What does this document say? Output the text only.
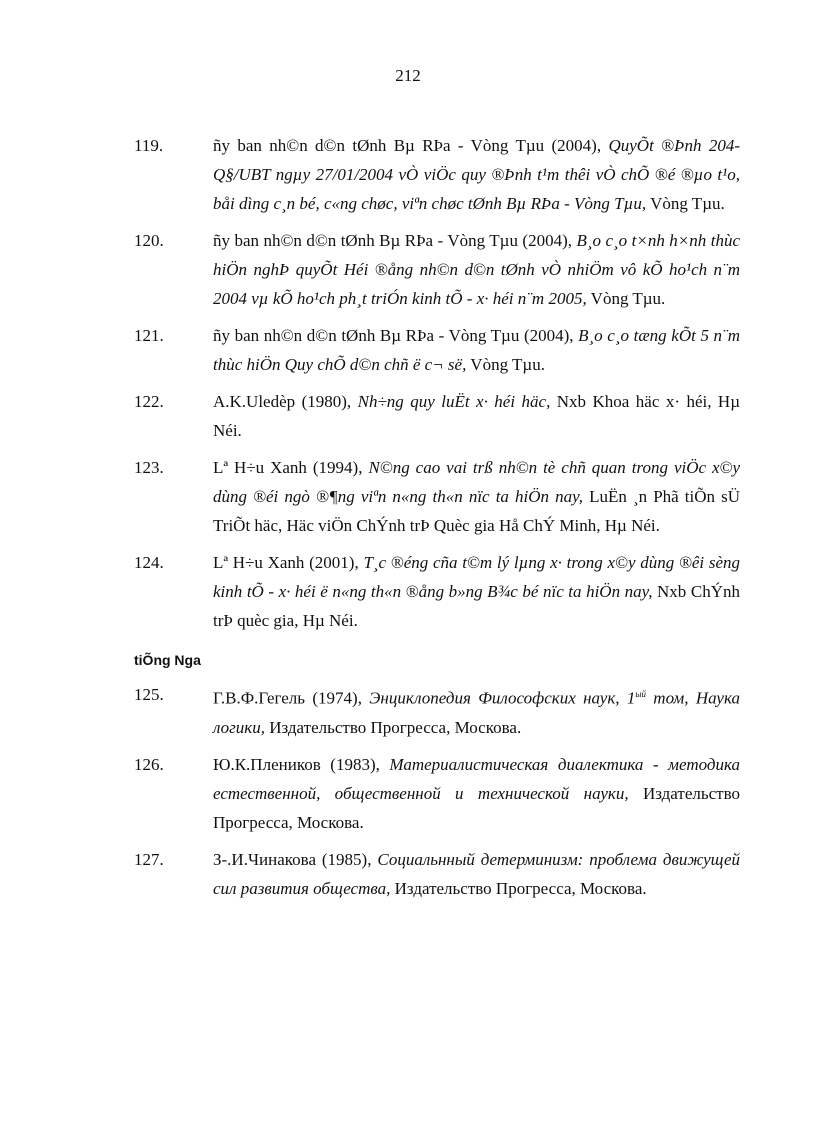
212
119.	ñy ban nh©n d©n tØnh Bµ RÞa - Vòng Tµu (2004), QuyÕt ®Þnh 204-Q§/UBT ngµy 27/01/2004 vÒ viÖc quy ®Þnh t¹m thêi vÒ chÕ ®é ®µo t¹o, båi dìng c¸n bé, c«ng chøc, viªn chøc tØnh Bµ RÞa - Vòng Tµu, Vòng Tµu.
120.	ñy ban nh©n d©n tØnh Bµ RÞa - Vòng Tµu (2004), B¸o c¸o t×nh h×nh thùc hiÖn nghÞ quyÕt Héi ®ång nh©n d©n tØnh vÒ nhiÖm vô kÕ ho¹ch n¨m 2004 vµ kÕ ho¹ch ph¸t triÓn kinh tÕ - x· héi n¨m 2005, Vòng Tµu.
121.	ñy ban nh©n d©n tØnh Bµ RÞa - Vòng Tµu (2004), B¸o c¸o tæng kÕt 5 n¨m thùc hiÖn Quy chÕ d©n chñ ë c¬ së, Vòng Tµu.
122.	A.K.Uledèp (1980), Nh÷ng quy luËt x· héi häc, Nxb Khoa häc x· héi, Hµ Néi.
123.	Lª H÷u Xanh (1994), N©ng cao vai trß nh©n tè chñ quan trong viÖc x©y dùng ®éi ngò ®¶ng viªn n«ng th«n nïc ta hiÖn nay, LuËn ¸n Phã tiÕn sÜ TriÕt häc, Häc viÖn ChÝnh trÞ Quèc gia Hå ChÝ Minh, Hµ Néi.
124.	Lª H÷u Xanh (2001), T¸c ®éng cña t©m lý lµng x· trong x©y dùng ®êi sèng kinh tÕ - x· héi ë n«ng th«n ®ång b»ng B¾c bé nïc ta hiÖn nay, Nxb ChÝnh trÞ quèc gia, Hµ Néi.
tiÕng Nga
125.	Г.В.Ф.Гегель (1974), Энциклопедия Философских наук, $1^{ый}$ том, Наука логики, Издательство Прогресса, Москова.
126.	Ю.К.Плеников (1983), Материалистическая диалектика - методика естественной, общественной и технической науки, Издательство Прогресса, Москова.
127.	З-.И.Чинакова (1985), Социальнный детерминизм: проблема движущей сил развития общества, Издательство Прогресса, Москова.
